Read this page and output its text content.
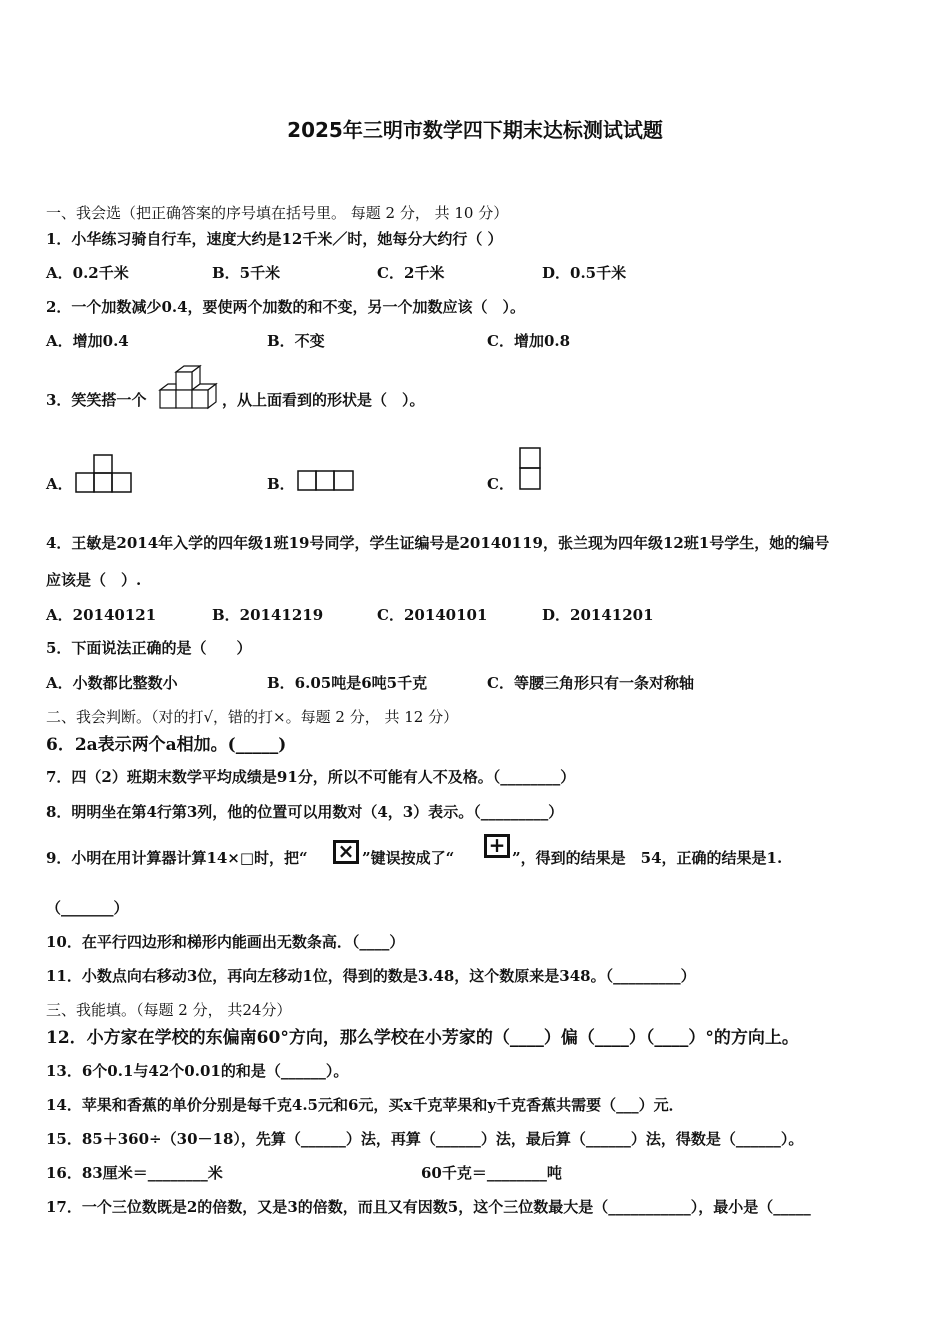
2025年三明市数学四下期末达标测试试题
一、我会选（把正确答案的序号填在括号里。 每题 2 分， 共 10 分）
1．小华练习骑自行车，速度大约是12千米／时，她每分大约行（ ）
A．0.2千米	B．5千米	C．2千米	D．0.5千米
2．一个加数减少0.4，要使两个加数的和不变，另一个加数应该（　）。
A．增加0.4	B．不变	C．增加0.8
3．笑笑搭一个	，从上面看到的形状是（　）。
A．	B．	C．
4．王敏是2014年入学的四年级1班19号同学，学生证编号是20140119，张兰现为四年级12班1号学生，她的编号
应该是（　）.
A．20140121	B．20141219	C．20140101	D．20141201
5．下面说法正确的是（　　）
A．小数都比整数小	B．6.05吨是6吨5千克	C．等腰三角形只有一条对称轴
二、我会判断。（对的打√，错的打×。每题 2 分， 共 12 分）
6．2a表示两个a相加。(_____)
7．四（2）班期末数学平均成绩是91分，所以不可能有人不及格。（________）
8．明明坐在第4行第3列，他的位置可以用数对（4，3）表示。（_________）
9．小明在用计算器计算14×□时，把“ × ”键误按成了“
+
”，得到的结果是　54，正确的结果是1.
（_______）
10．在平行四边形和梯形内能画出无数条高．（____）
11．小数点向右移动3位，再向左移动1位，得到的数是3.48，这个数原来是348。（_________）
三、我能填。（每题 2 分， 共24分）
12．小方家在学校的东偏南60°方向，那么学校在小芳家的（____）偏（____）（____）°的方向上。
13．6个0.1与42个0.01的和是（______）。
14．苹果和香蕉的单价分别是每千克4.5元和6元，买x千克苹果和y千克香蕉共需要（___）元．
15．85＋360÷（30－18），先算（______）法，再算（______）法，最后算（______）法，得数是（______）。
16．83厘米＝________米	60千克＝________吨
17．一个三位数既是2的倍数，又是3的倍数，而且又有因数5，这个三位数最大是（___________），最小是（_____
